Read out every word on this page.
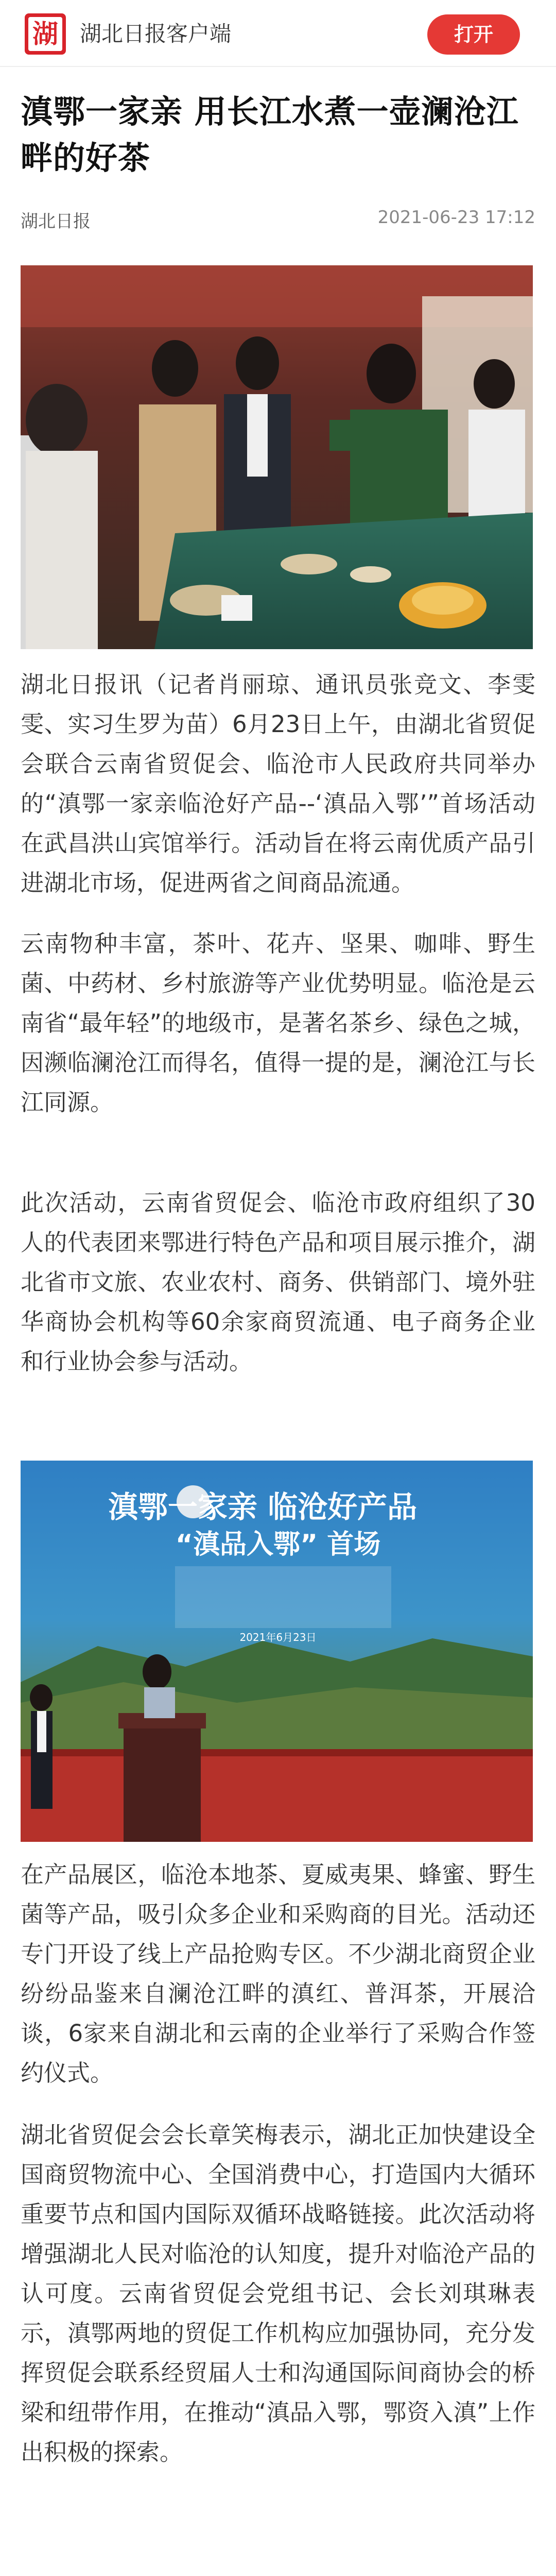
湖 湖北日报客户端	打开
滇鄂一家亲 用长江水煮一壶澜沧江畔的好茶
湖北日报	2021-06-23 17:12
湖北日报讯（记者肖丽琼、通讯员张竞文、李雯雯、实习生罗为苗）6月23日上午，由湖北省贸促会联合云南省贸促会、临沧市人民政府共同举办的“滇鄂一家亲临沧好产品--‘滇品入鄂’”首场活动在武昌洪山宾馆举行。活动旨在将云南优质产品引进湖北市场，促进两省之间商品流通。
云南物种丰富，茶叶、花卉、坚果、咖啡、野生菌、中药材、乡村旅游等产业优势明显。临沧是云南省“最年轻”的地级市，是著名茶乡、绿色之城，因濒临澜沧江而得名，值得一提的是，澜沧江与长江同源。
此次活动，云南省贸促会、临沧市政府组织了30人的代表团来鄂进行特色产品和项目展示推介，湖北省市文旅、农业农村、商务、供销部门、境外驻华商协会机构等60余家商贸流通、电子商务企业和行业协会参与活动。
滇鄂一家亲 临沧好产品
“滇品入鄂” 首场
2021年6月23日
在产品展区，临沧本地茶、夏威夷果、蜂蜜、野生菌等产品，吸引众多企业和采购商的目光。活动还专门开设了线上产品抢购专区。不少湖北商贸企业纷纷品鉴来自澜沧江畔的滇红、普洱茶，开展洽谈，6家来自湖北和云南的企业举行了采购合作签约仪式。
湖北省贸促会会长章笑梅表示，湖北正加快建设全国商贸物流中心、全国消费中心，打造国内大循环重要节点和国内国际双循环战略链接。此次活动将增强湖北人民对临沧的认知度，提升对临沧产品的认可度。云南省贸促会党组书记、会长刘琪琳表示，滇鄂两地的贸促工作机构应加强协同，充分发挥贸促会联系经贸届人士和沟通国际间商协会的桥梁和纽带作用，在推动“滇品入鄂，鄂资入滇”上作出积极的探索。
